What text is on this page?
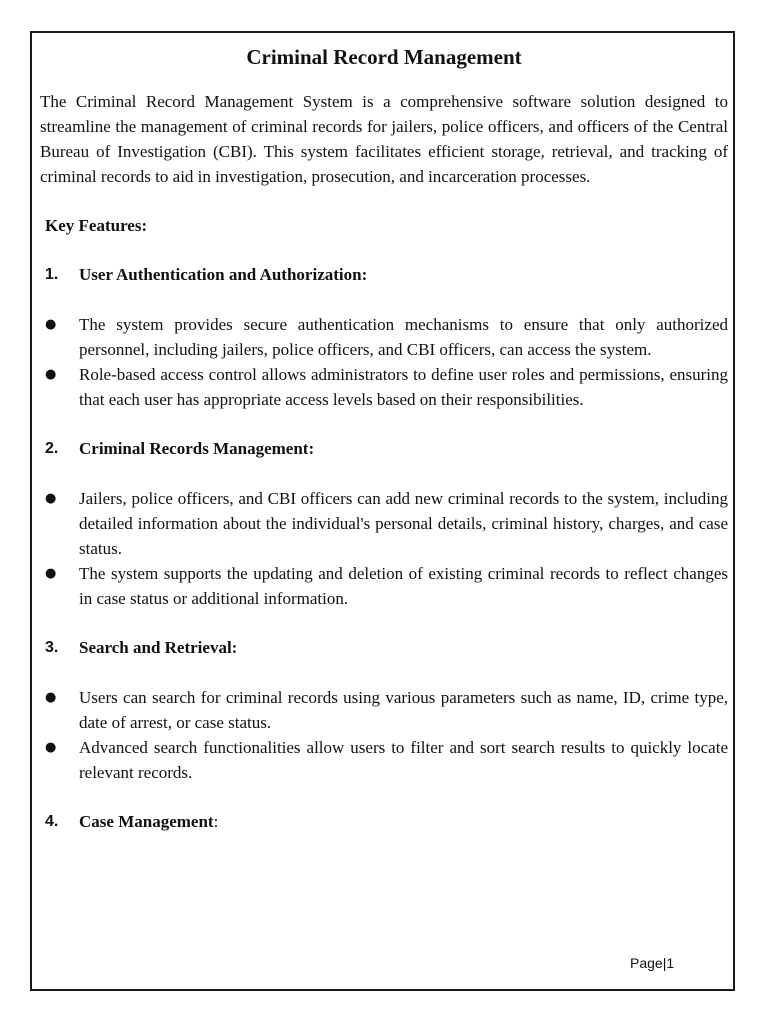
Criminal Record Management

The Criminal Record Management System is a comprehensive software solution designed to streamline the management of criminal records for jailers, police officers, and officers of the Central Bureau of Investigation (CBI). This system facilitates efficient storage, retrieval, and tracking of criminal records to aid in investigation, prosecution, and incarceration processes.

Key Features:
1.	User Authentication and Authorization:
●	The system provides secure authentication mechanisms to ensure that only authorized personnel, including jailers, police officers, and CBI officers, can access the system.
●	Role-based access control allows administrators to define user roles and permissions, ensuring that each user has appropriate access levels based on their responsibilities.
2.	Criminal Records Management:
●	Jailers, police officers, and CBI officers can add new criminal records to the system, including detailed information about the individual's personal details, criminal history, charges, and case status.
●	The system supports the updating and deletion of existing criminal records to reflect changes in case status or additional information.
3.	Search and Retrieval:
●	Users can search for criminal records using various parameters such as name, ID, crime type, date of arrest, or case status.
●	Advanced search functionalities allow users to filter and sort search results to quickly locate relevant records.
4.	Case Management :
Page|1
